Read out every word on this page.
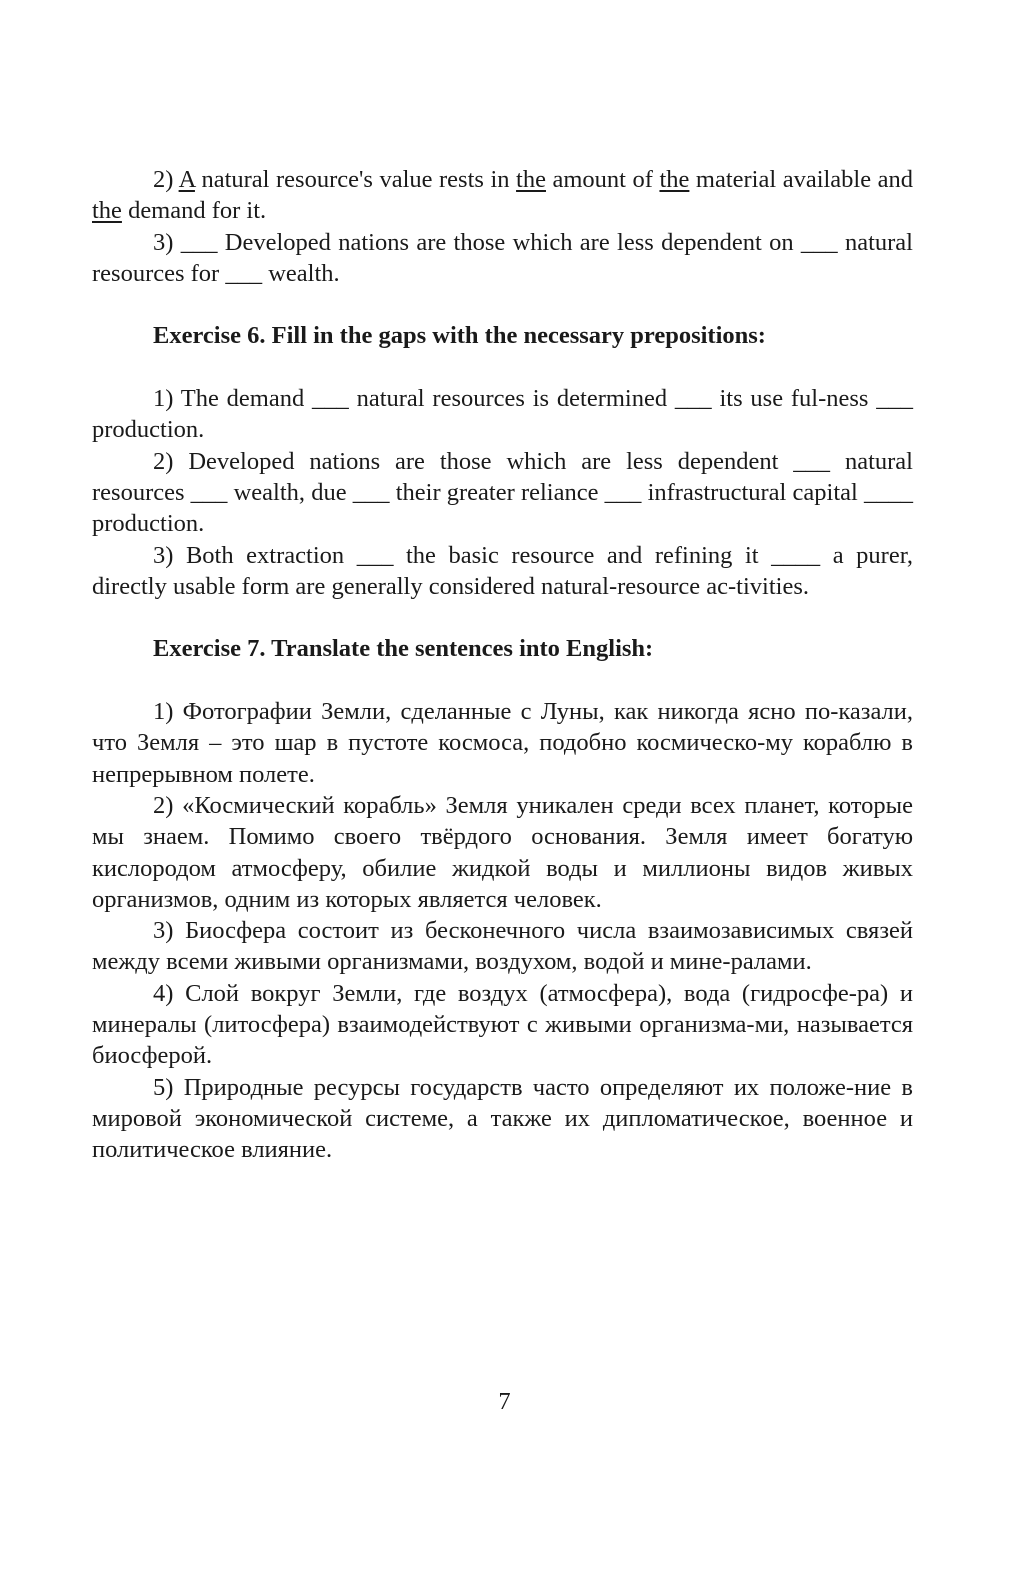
2) A natural resource's value rests in the amount of the material available and the demand for it.

3) ___ Developed nations are those which are less dependent on ___ natural resources for ___ wealth.

Exercise 6. Fill in the gaps with the necessary prepositions:

1) The demand ___ natural resources is determined ___ its use ful-ness ___ production.

2) Developed nations are those which are less dependent ___ natural resources ___ wealth, due ___ their greater reliance ___ infrastructural capital ____ production.

3) Both extraction ___ the basic resource and refining it ____ a purer, directly usable form are generally considered natural-resource ac-tivities.

Exercise 7. Translate the sentences into English:

1) Фотографии Земли, сделанные с Луны, как никогда ясно по-казали, что Земля – это шар в пустоте космоса, подобно космическо-му кораблю в непрерывном полете.

2) «Космический корабль» Земля уникален среди всех планет, которые мы знаем. Помимо своего твёрдого основания. Земля имеет богатую кислородом атмосферу, обилие жидкой воды и миллионы видов живых организмов, одним из которых является человек.

3) Биосфера состоит из бесконечного числа взаимозависимых связей между всеми живыми организмами, воздухом, водой и мине-ралами.

4) Слой вокруг Земли, где воздух (атмосфера), вода (гидросфе-ра) и минералы (литосфера) взаимодействуют с живыми организма-ми, называется биосферой.

5) Природные ресурсы государств часто определяют их положе-ние в мировой экономической системе, а также их дипломатическое, военное и политическое влияние.

7
